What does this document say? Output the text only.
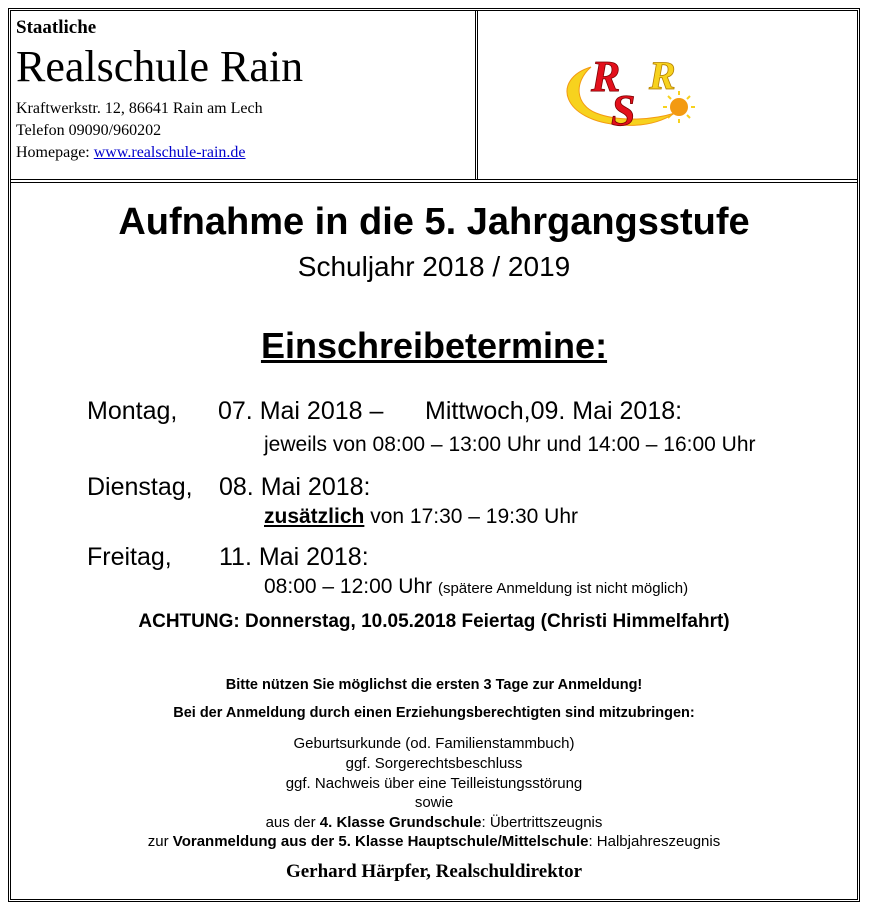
Staatliche
Realschule Rain
Kraftwerkstr. 12, 86641 Rain am Lech
Telefon 09090/960202
Homepage: www.realschule-rain.de
R
S
R
Aufnahme in die 5. Jahrgangsstufe
Schuljahr 2018 / 2019
Einschreibetermine:
Montag, 07. Mai 2018 – Mittwoch,09. Mai 2018:
jeweils von 08:00 – 13:00 Uhr und 14:00 – 16:00 Uhr
Dienstag, 08. Mai 2018:
zusätzlich von 17:30 – 19:30 Uhr
Freitag, 11. Mai 2018:
08:00 – 12:00 Uhr (spätere Anmeldung ist nicht möglich)
ACHTUNG: Donnerstag, 10.05.2018 Feiertag (Christi Himmelfahrt)
Bitte nützen Sie möglichst die ersten 3 Tage zur Anmeldung!
Bei der Anmeldung durch einen Erziehungsberechtigten sind mitzubringen:
Geburtsurkunde (od. Familienstammbuch)
ggf. Sorgerechtsbeschluss
ggf. Nachweis über eine Teilleistungsstörung
sowie
aus der 4. Klasse Grundschule: Übertrittszeugnis
zur Voranmeldung aus der 5. Klasse Hauptschule/Mittelschule: Halbjahreszeugnis
Gerhard Härpfer, Realschuldirektor
